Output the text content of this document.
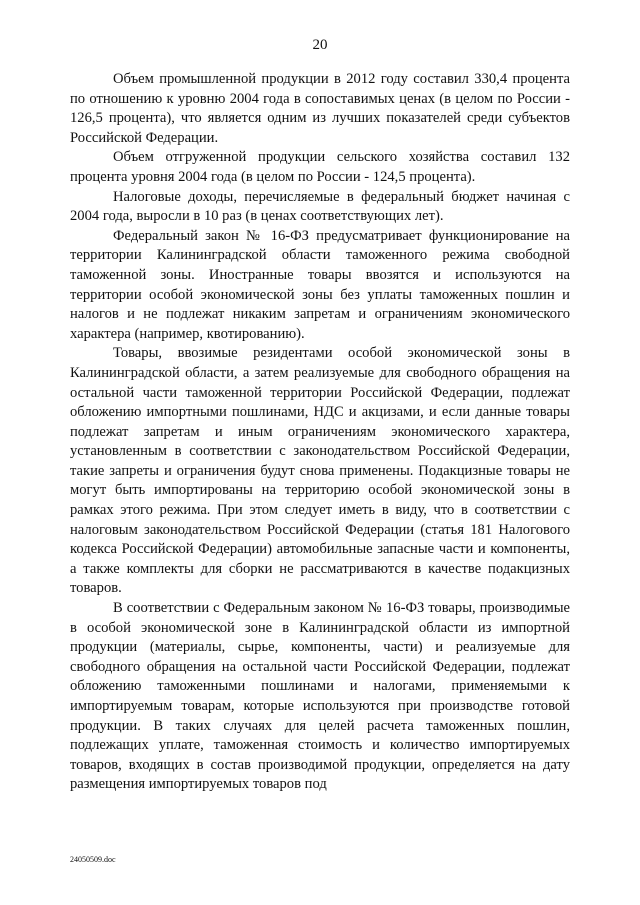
20

Объем промышленной продукции в 2012 году составил 330,4 процента по отношению к уровню 2004 года в сопоставимых ценах (в целом по России - 126,5 процента), что является одним из лучших показателей среди субъектов Российской Федерации.

Объем отгруженной продукции сельского хозяйства составил 132 процента уровня 2004 года (в целом по России - 124,5 процента).

Налоговые доходы, перечисляемые в федеральный бюджет начиная с 2004 года, выросли в 10 раз (в ценах соответствующих лет).

Федеральный закон № 16-ФЗ предусматривает функционирование на территории Калининградской области таможенного режима свободной таможенной зоны. Иностранные товары ввозятся и используются на территории особой экономической зоны без уплаты таможенных пошлин и налогов и не подлежат никаким запретам и ограничениям экономического характера (например, квотированию).

Товары, ввозимые резидентами особой экономической зоны в Калининградской области, а затем реализуемые для свободного обращения на остальной части таможенной территории Российской Федерации, подлежат обложению импортными пошлинами, НДС и акцизами, и если данные товары подлежат запретам и иным ограничениям экономического характера, установленным в соответствии с законодательством Российской Федерации, такие запреты и ограничения будут снова применены. Подакцизные товары не могут быть импортированы на территорию особой экономической зоны в рамках этого режима. При этом следует иметь в виду, что в соответствии с налоговым законодательством Российской Федерации (статья 181 Налогового кодекса Российской Федерации) автомобильные запасные части и компоненты, а также комплекты для сборки не рассматриваются в качестве подакцизных товаров.

В соответствии с Федеральным законом № 16-ФЗ товары, производимые в особой экономической зоне в Калининградской области из импортной продукции (материалы, сырье, компоненты, части) и реализуемые для свободного обращения на остальной части Российской Федерации, подлежат обложению таможенными пошлинами и налогами, применяемыми к импортируемым товарам, которые используются при производстве готовой продукции. В таких случаях для целей расчета таможенных пошлин, подлежащих уплате, таможенная стоимость и количество импортируемых товаров, входящих в состав производимой продукции, определяется на дату размещения импортируемых товаров под

24050509.doc
